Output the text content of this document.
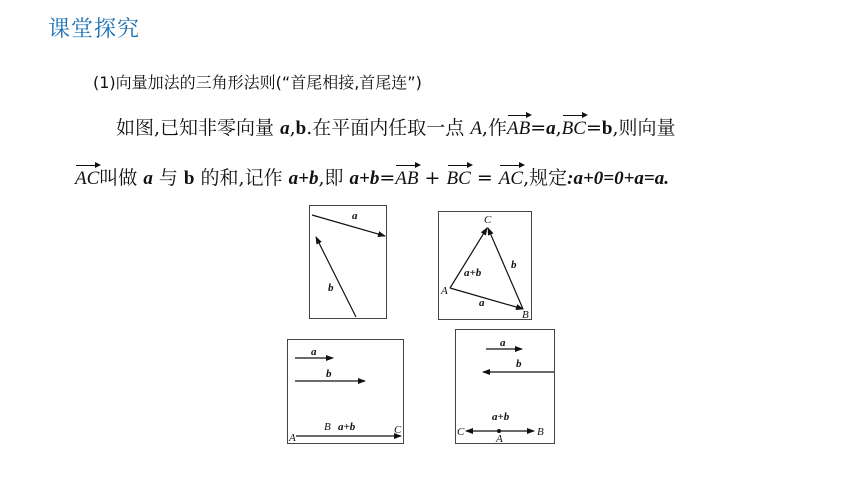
课堂探究
(1)向量加法的三角形法则(“首尾相接,首尾连”)
如图,已知非零向量 a,b.在平面内任取一点 A,作AB=a,BC=b,则向量
AC叫做 a 与 b 的和,记作 a+b,即 a+b=AB + BC = AC,规定:a+0=0+a=a.
a
b
C
A
B
a+b
b
a
a
b
B a+b	C
A
a
b
a+b
C
A
B
